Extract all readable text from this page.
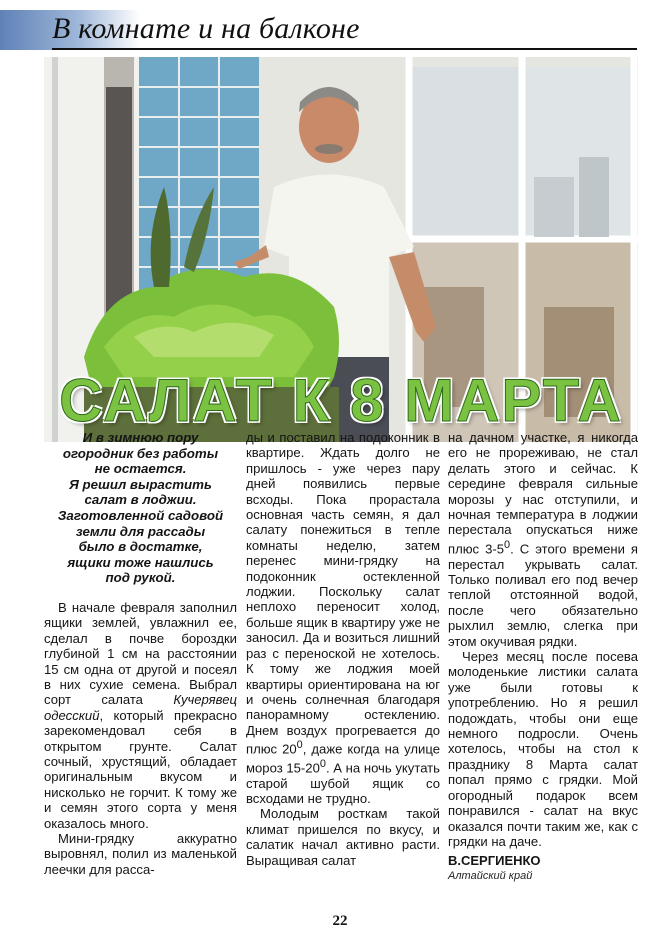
В комнате и на балконе
САЛАТ К 8 МАРТА
И в зимнюю пору
огородник без работы
не остается.
Я решил вырастить
салат в лоджии.
Заготовленной садовой
земли для рассады
было в достатке,
ящики тоже нашлись
под рукой.

В начале февраля заполнил ящики землей, увлажнил ее, сделал в почве бороздки глубиной 1 см на расстоянии 15 см одна от другой и посеял в них сухие семена. Выбрал сорт салата Кучерявец одесский, который прекрасно зарекомендовал себя в открытом грунте. Салат сочный, хрустящий, обладает оригинальным вкусом и нисколько не горчит. К тому же и семян этого сорта у меня оказалось много.

Мини-грядку аккуратно выровнял, полил из маленькой леечки для расса-

ды и поставил на подоконник в квартире. Ждать долго не пришлось - уже через пару дней появились первые всходы. Пока прорастала основная часть семян, я дал салату понежиться в тепле комнаты неделю, затем перенес мини-грядку на подоконник остекленной лоджии. Поскольку салат неплохо переносит холод, больше ящик в квартиру уже не заносил. Да и возиться лишний раз с переноской не хотелось. К тому же лоджия моей квартиры ориентирована на юг и очень солнечная благодаря панорамному остеклению. Днем воздух прогревается до плюс $20^0$, даже когда на улице мороз $15-20^0$. А на ночь укутать старой шубой ящик со всходами не трудно.

Молодым росткам такой климат пришелся по вкусу, и салатик начал активно расти. Выращивая салат

на дачном участке, я никогда его не прореживаю, не стал делать этого и сейчас. К середине февраля сильные морозы у нас отступили, и ночная температура в лоджии перестала опускаться ниже плюс $3-5^0$. С этого времени я перестал укрывать салат. Только поливал его под вечер теплой отстоянной водой, после чего обязательно рыхлил землю, слегка при этом окучивая рядки.

Через месяц после посева молоденькие листики салата уже были готовы к употреблению. Но я решил подождать, чтобы они еще немного подросли. Очень хотелось, чтобы на стол к празднику 8 Марта салат попал прямо с грядки. Мой огородный подарок всем понравился - салат на вкус оказался почти таким же, как с грядки на даче.

В.СЕРГИЕНКО
Алтайский край
22
